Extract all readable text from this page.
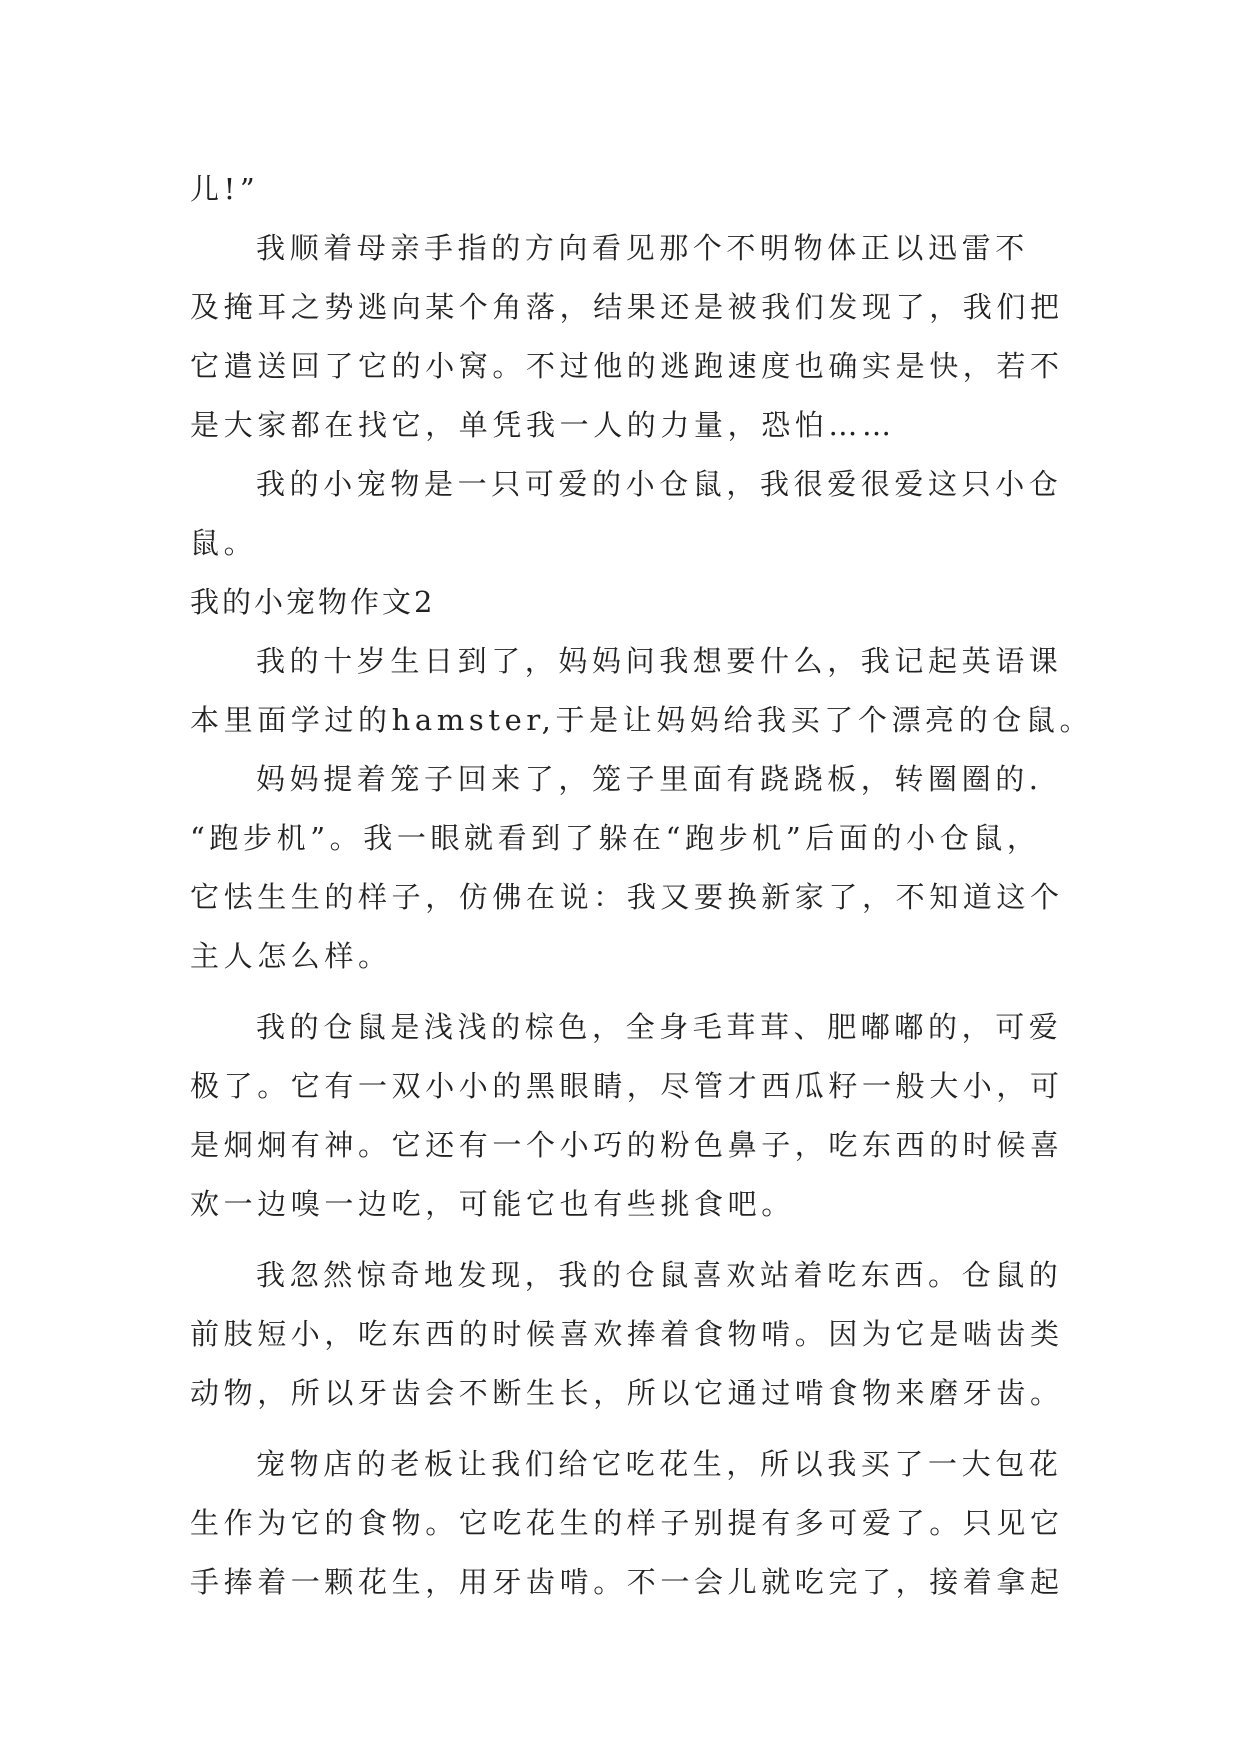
儿!”
我顺着母亲手指的方向看见那个不明物体正以迅雷不
及掩耳之势逃向某个角落，结果还是被我们发现了，我们把
它遣送回了它的小窝。不过他的逃跑速度也确实是快，若不
是大家都在找它，单凭我一人的力量，恐怕……
我的小宠物是一只可爱的小仓鼠，我很爱很爱这只小仓
鼠。
我的小宠物作文2
我的十岁生日到了，妈妈问我想要什么，我记起英语课
本里面学过的hamster,于是让妈妈给我买了个漂亮的仓鼠。
妈妈提着笼子回来了，笼子里面有跷跷板，转圈圈的.
“跑步机”。我一眼就看到了躲在“跑步机”后面的小仓鼠，
它怯生生的样子，仿佛在说：我又要换新家了，不知道这个
主人怎么样。
我的仓鼠是浅浅的棕色，全身毛茸茸、肥嘟嘟的，可爱
极了。它有一双小小的黑眼睛，尽管才西瓜籽一般大小，可
是炯炯有神。它还有一个小巧的粉色鼻子，吃东西的时候喜
欢一边嗅一边吃，可能它也有些挑食吧。
我忽然惊奇地发现，我的仓鼠喜欢站着吃东西。仓鼠的
前肢短小，吃东西的时候喜欢捧着食物啃。因为它是啮齿类
动物，所以牙齿会不断生长，所以它通过啃食物来磨牙齿。
宠物店的老板让我们给它吃花生，所以我买了一大包花
生作为它的食物。它吃花生的样子别提有多可爱了。只见它
手捧着一颗花生，用牙齿啃。不一会儿就吃完了，接着拿起
